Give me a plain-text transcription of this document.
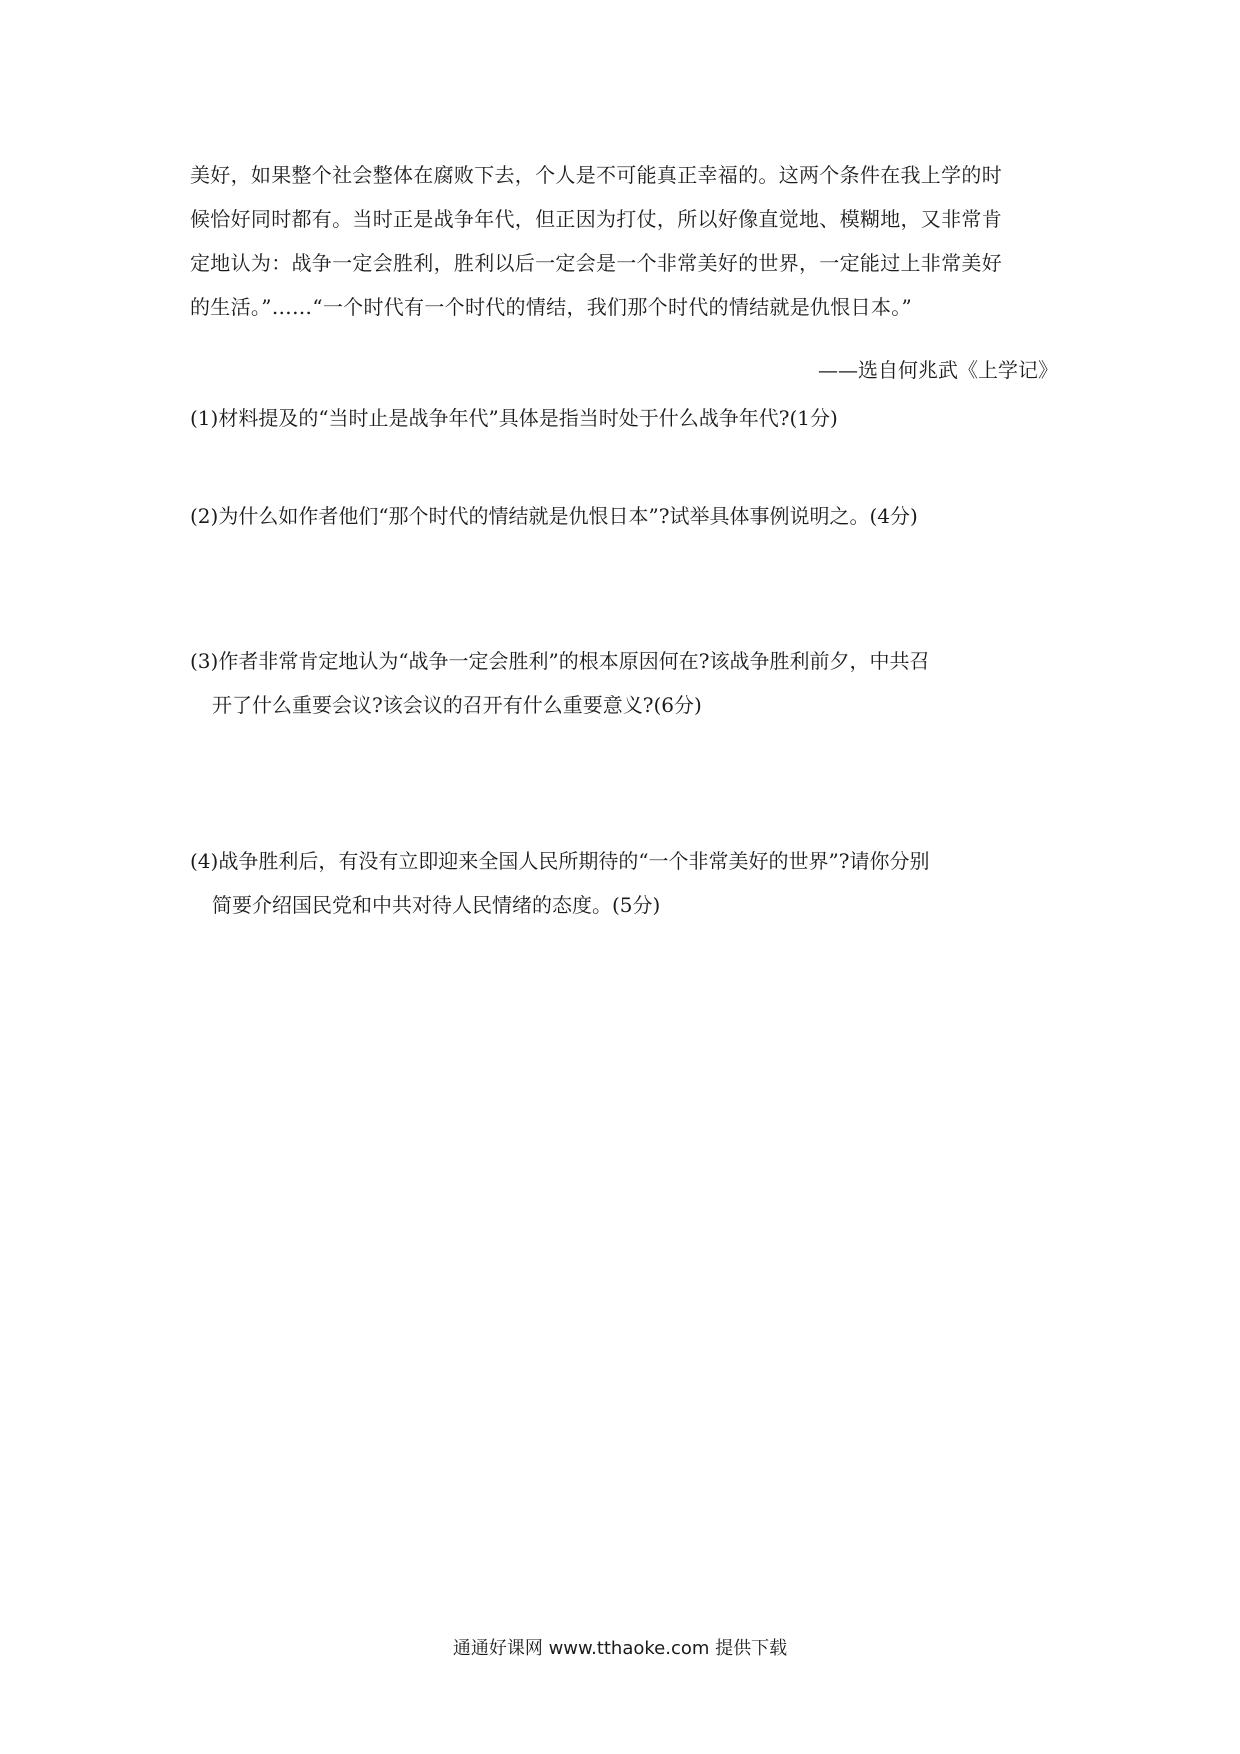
美好，如果整个社会整体在腐败下去，个人是不可能真正幸福的。这两个条件在我上学的时
候恰好同时都有。当时正是战争年代，但正因为打仗，所以好像直觉地、模糊地，又非常肯
定地认为：战争一定会胜利，胜利以后一定会是一个非常美好的世界，一定能过上非常美好
的生活。”……“一个时代有一个时代的情结，我们那个时代的情结就是仇恨日本。”
——选自何兆武《上学记》
(1)材料提及的“当时止是战争年代”具体是指当时处于什么战争年代?(1分)
(2)为什么如作者他们“那个时代的情结就是仇恨日本”?试举具体事例说明之。(4分)
(3)作者非常肯定地认为“战争一定会胜利”的根本原因何在?该战争胜利前夕，中共召
开了什么重要会议?该会议的召开有什么重要意义?(6分)
(4)战争胜利后，有没有立即迎来全国人民所期待的“一个非常美好的世界”?请你分别
简要介绍国民党和中共对待人民情绪的态度。(5分)
通通好课网 www.tthaoke.com 提供下载
